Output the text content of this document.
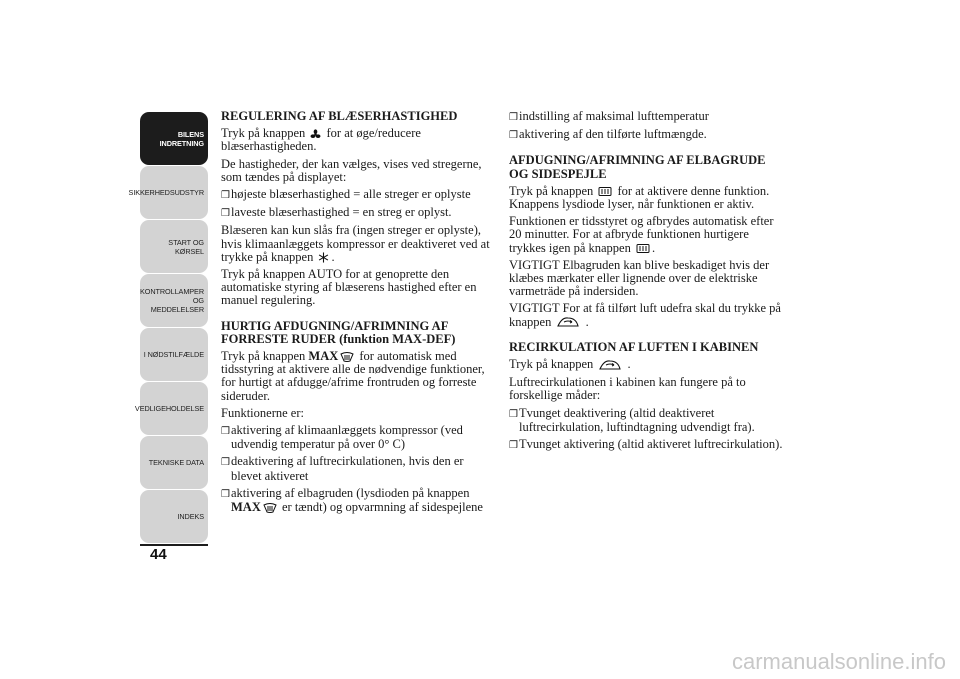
BILENS
INDRETNING
SIKKERHEDSUDSTYR
START OG KØRSEL
KONTROLLAMPER
OG MEDDELELSER
I NØDSTILFÆLDE
VEDLIGEHOLDELSE
TEKNISKE DATA
INDEKS
44
REGULERING AF BLÆSERHASTIGHED
Tryk på knappen
for at øge/reducere blæserhastigheden.
De hastigheder, der kan vælges, vises ved stregerne, som tændes på displayet:
❒ højeste blæserhastighed = alle streger er oplyste
❒ laveste blæserhastighed = en streg er oplyst.
Blæseren kan kun slås fra (ingen streger er oplyste), hvis klimaanlæggets kompressor er deaktiveret ved at trykke på knappen
.
Tryk på knappen AUTO for at genoprette den automatiske styring af blæserens hastighed efter en manuel regulering.
HURTIG AFDUGNING/AFRIMNING AF FORRESTE RUDER (funktion MAX-DEF)
Tryk på knappen MAX
for automatisk med tidsstyring at aktivere alle de nødvendige funktioner, for hurtigt at afdugge/afrime frontruden og forreste sideruder.
Funktionerne er:
❒ aktivering af klimaanlæggets kompressor (ved udvendig temperatur på over 0° C)
❒ deaktivering af luftrecirkulationen, hvis den er blevet aktiveret
❒ aktivering af elbagruden (lysdioden på knappen MAX
er tændt) og opvarmning af sidespejlene
❒ indstilling af maksimal lufttemperatur
❒ aktivering af den tilførte luftmængde.
AFDUGNING/AFRIMNING AF ELBAGRUDE OG SIDESPEJLE
Tryk på knappen
for at aktivere denne funktion. Knappens lysdiode lyser, når funktionen er aktiv.
Funktionen er tidsstyret og afbrydes automatisk efter 20 minutter. For at afbryde funktionen hurtigere trykkes igen på knappen
.
VIGTIGT Elbagruden kan blive beskadiget hvis der klæbes mærkater eller lignende over de elektriske varmeträde på indersiden.
VIGTIGT For at få tilført luft udefra skal du trykke på knappen
.
RECIRKULATION AF LUFTEN I KABINEN
Tryk på knappen
.
Luftrecirkulationen i kabinen kan fungere på to forskellige måder:
❒ Tvunget deaktivering (altid deaktiveret luftrecirkulation, luftindtagning udvendigt fra).
❒ Tvunget aktivering (altid aktiveret luftrecirkulation).
carmanualsonline.info
